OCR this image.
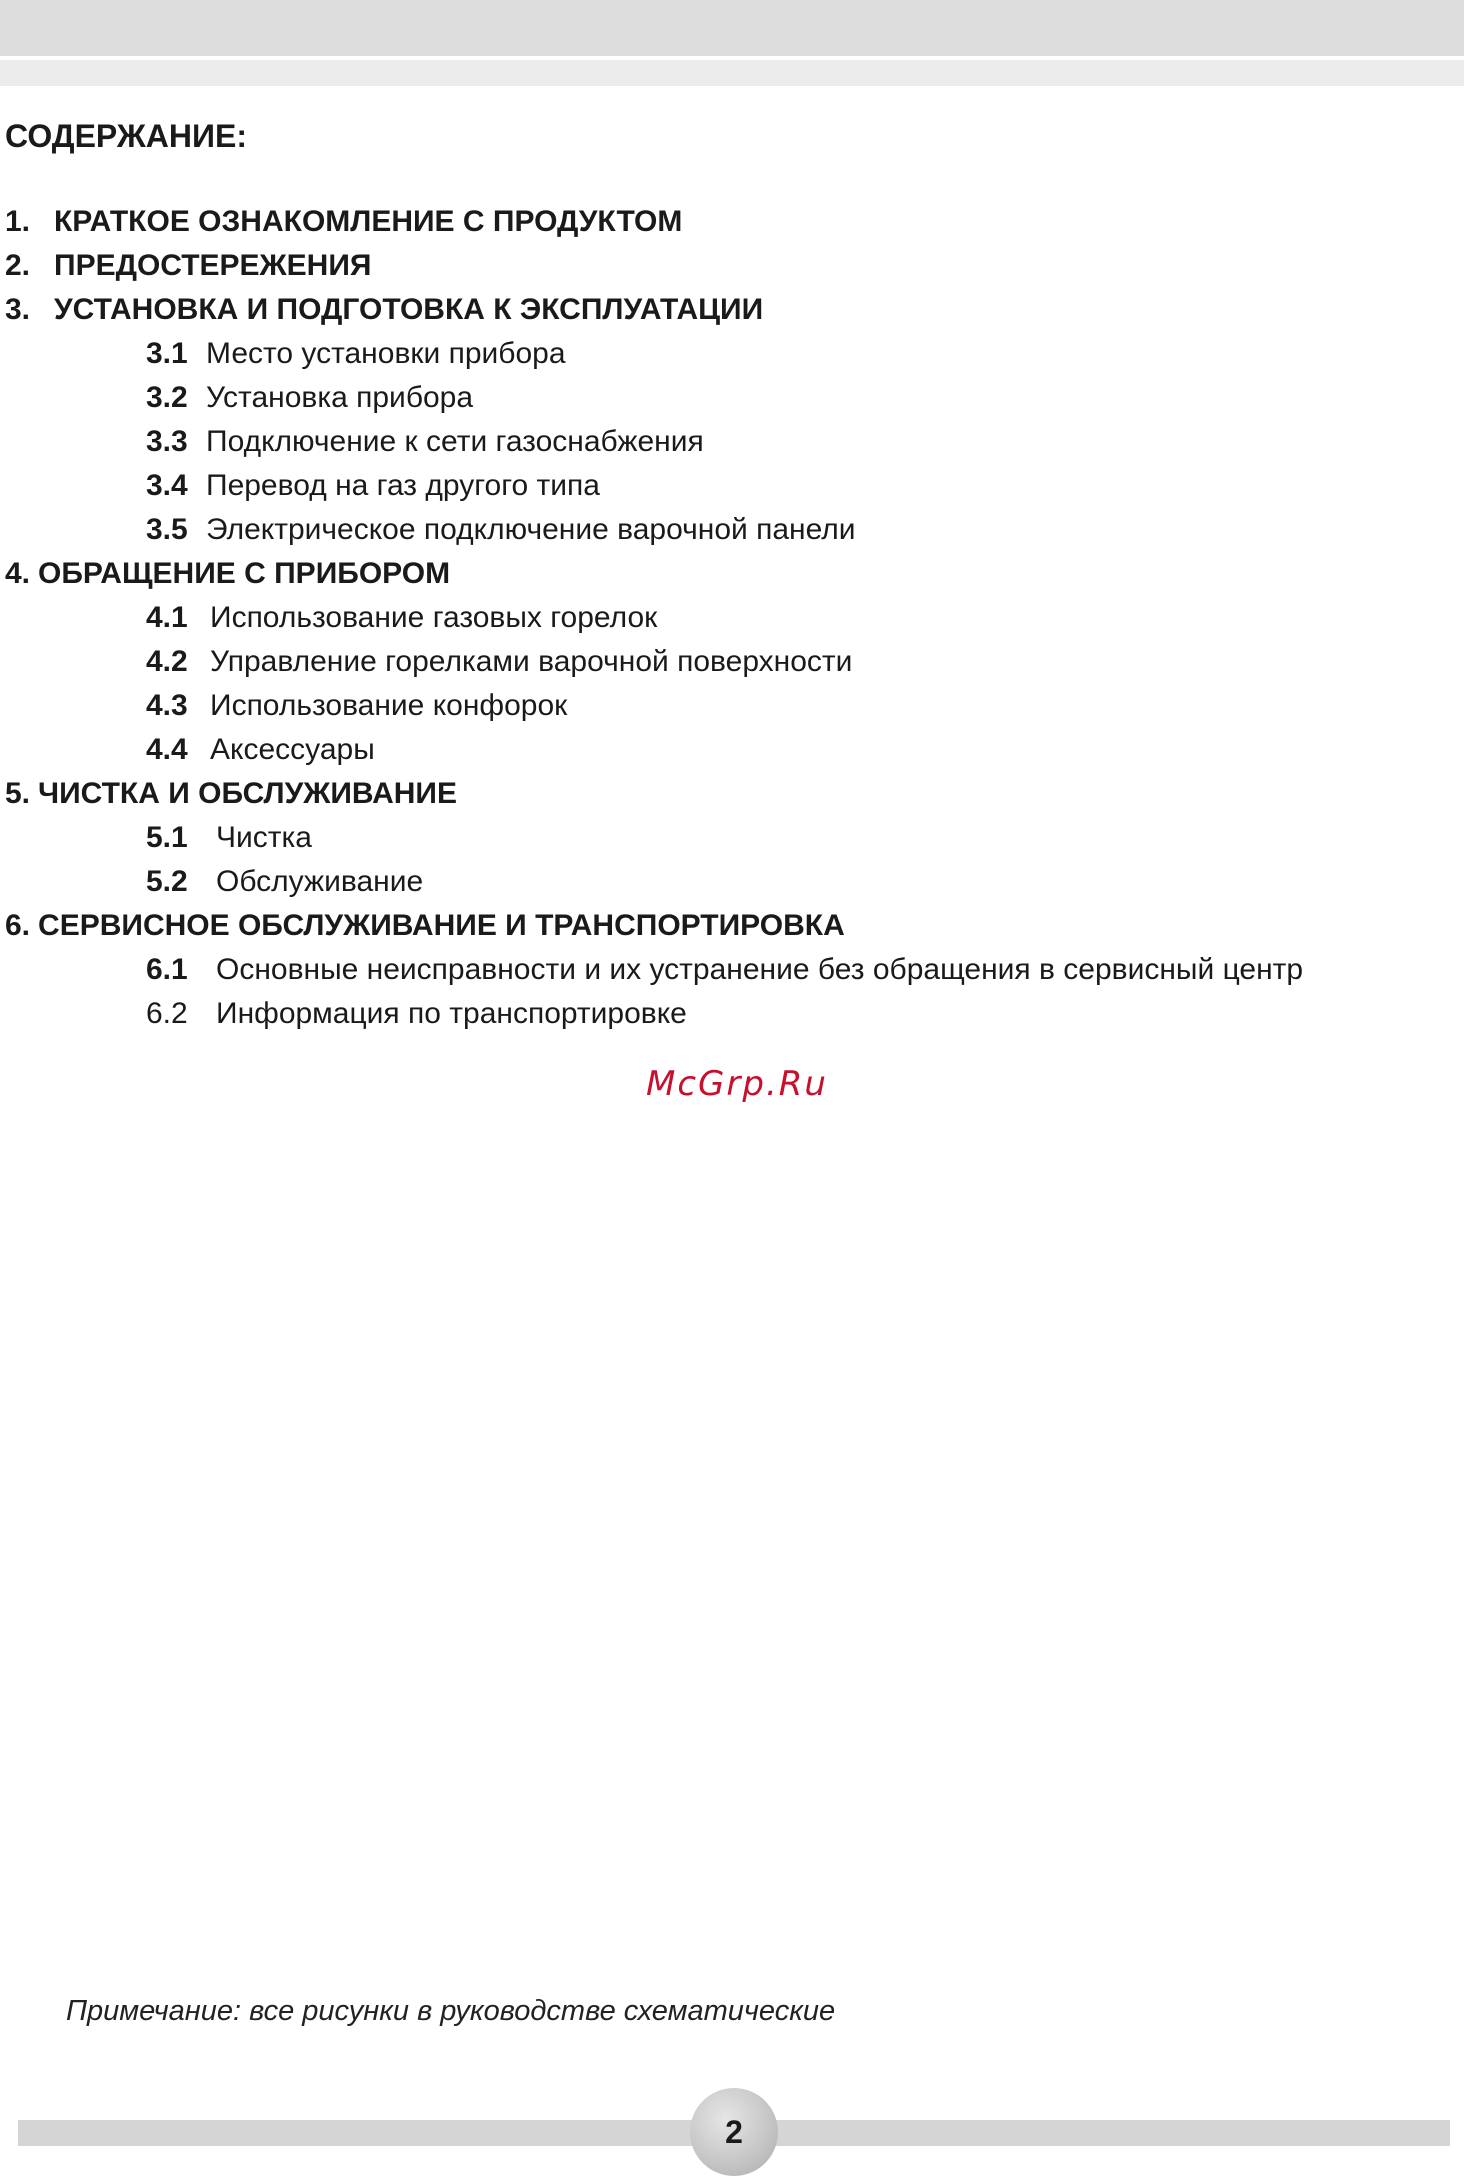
СОДЕРЖАНИЕ:
1. КРАТКОЕ ОЗНАКОМЛЕНИЕ С ПРОДУКТОМ
2. ПРЕДОСТЕРЕЖЕНИЯ
3. УСТАНОВКА И ПОДГОТОВКА К ЭКСПЛУАТАЦИИ
3.1 Место установки прибора
3.2 Установка прибора
3.3 Подключение к сети газоснабжения
3.4 Перевод на газ другого типа
3.5 Электрическое подключение варочной панели
4. ОБРАЩЕНИЕ С ПРИБОРОМ
4.1 Использование газовых горелок
4.2 Управление горелками варочной поверхности
4.3 Использование конфорок
4.4 Аксессуары
5. ЧИСТКА И ОБСЛУЖИВАНИЕ
5.1 Чистка
5.2 Обслуживание
6. СЕРВИСНОЕ ОБСЛУЖИВАНИЕ И ТРАНСПОРТИРОВКА
6.1 Основные неисправности и их устранение без обращения в сервисный центр
6.2 Информация по транспортировке
McGrp.Ru
Примечание: все рисунки в руководстве схематические
2
